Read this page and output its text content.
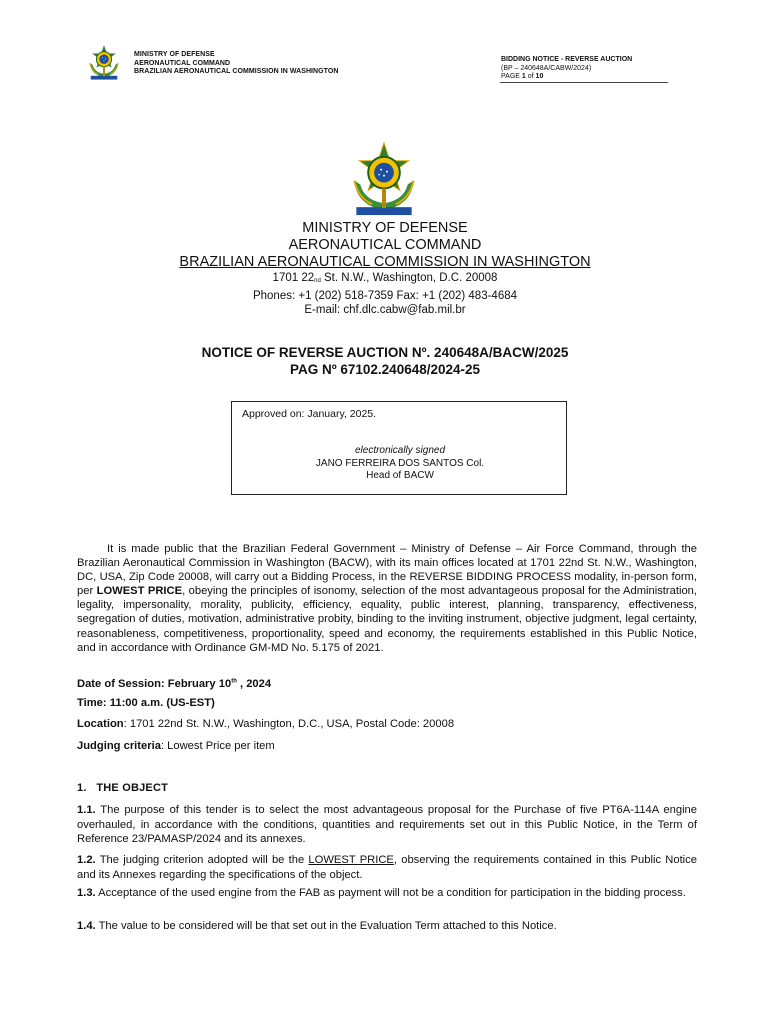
MINISTRY OF DEFENSE
AERONAUTICAL COMMAND
BRAZILIAN AERONAUTICAL COMMISSION IN WASHINGTON
BIDDING NOTICE - REVERSE AUCTION
(BP – 240648A/CABW/2024)
PAGE 1 of 10
MINISTRY OF DEFENSE
AERONAUTICAL COMMAND
BRAZILIAN AERONAUTICAL COMMISSION IN WASHINGTON
1701 22nd St. N.W., Washington, D.C. 20008
Phones: +1 (202) 518-7359 Fax: +1 (202) 483-4684
E-mail: chf.dlc.cabw@fab.mil.br
NOTICE OF REVERSE AUCTION Nº. 240648A/BACW/2025
PAG Nº 67102.240648/2024-25
Approved on: January, 2025.
electronically signed
JANO FERREIRA DOS SANTOS Col.
Head of BACW
It is made public that the Brazilian Federal Government – Ministry of Defense – Air Force Command, through the Brazilian Aeronautical Commission in Washington (BACW), with its main offices located at 1701 22nd St. N.W., Washington, DC, USA, Zip Code 20008, will carry out a Bidding Process, in the REVERSE BIDDING PROCESS modality, in-person form, per LOWEST PRICE, obeying the principles of isonomy, selection of the most advantageous proposal for the Administration, legality, impersonality, morality, publicity, efficiency, equality, public interest, planning, transparency, effectiveness, segregation of duties, motivation, administrative probity, binding to the inviting instrument, objective judgment, legal certainty, reasonableness, competitiveness, proportionality, speed and economy, the requirements established in this Public Notice, and in accordance with Ordinance GM-MD No. 5.175 of 2021.
Date of Session: February 10th , 2024
Time: 11:00 a.m. (US-EST)
Location: 1701 22nd St. N.W., Washington, D.C., USA, Postal Code: 20008
Judging criteria: Lowest Price per item
1.   THE OBJECT
1.1. The purpose of this tender is to select the most advantageous proposal for the Purchase of five PT6A-114A engine overhauled, in accordance with the conditions, quantities and requirements set out in this Public Notice, in the Term of Reference 23/PAMASP/2024 and its annexes.
1.2. The judging criterion adopted will be the LOWEST PRICE, observing the requirements contained in this Public Notice and its Annexes regarding the specifications of the object.
1.3. Acceptance of the used engine from the FAB as payment will not be a condition for participation in the bidding process.
1.4. The value to be considered will be that set out in the Evaluation Term attached to this Notice.
